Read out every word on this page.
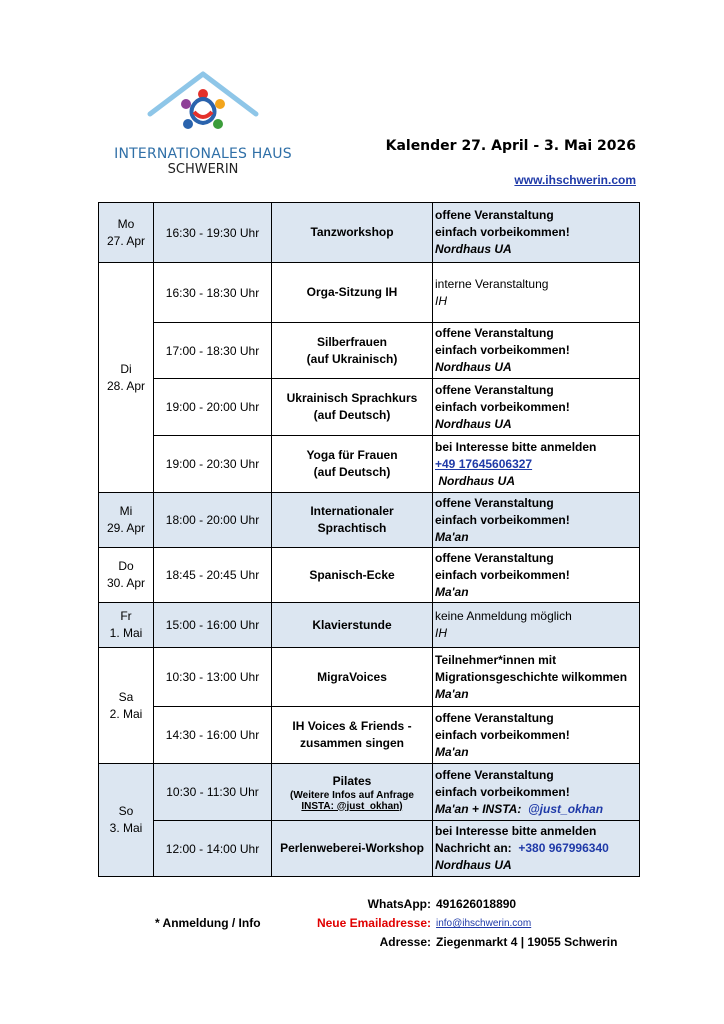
INTERNATIONALES HAUS
SCHWERIN
Kalender 27. April - 3. Mai 2026
www.ihschwerin.com
Mo
27. Apr	16:30 - 19:30 Uhr	Tanzworkshop	offene Veranstaltung
einfach vorbeikommen!
Nordhaus UA
Di
28. Apr	16:30 - 18:30 Uhr	Orga-Sitzung IH	interne Veranstaltung
IH
	17:00 - 18:30 Uhr	Silberfrauen
(auf Ukrainisch)	offene Veranstaltung
einfach vorbeikommen!
Nordhaus UA
	19:00 - 20:00 Uhr	Ukrainisch Sprachkurs
(auf Deutsch)	offene Veranstaltung
einfach vorbeikommen!
Nordhaus UA
	19:00 - 20:30 Uhr	Yoga für Frauen
(auf Deutsch)	bei Interesse bitte anmelden
+49 17645606327
Nordhaus UA
Mi
29. Apr	18:00 - 20:00 Uhr	Internationaler Sprachtisch	offene Veranstaltung
einfach vorbeikommen!
Ma'an
Do
30. Apr	18:45 - 20:45 Uhr	Spanisch-Ecke	offene Veranstaltung
einfach vorbeikommen!
Ma'an
Fr
1. Mai	15:00 - 16:00 Uhr	Klavierstunde	keine Anmeldung möglich
IH
Sa
2. Mai	10:30 - 13:00 Uhr	MigraVoices	Teilnehmer*innen mit
Migrationsgeschichte wilkommen
Ma'an
	14:30 - 16:00 Uhr	IH Voices & Friends -
zusammen singen	offene Veranstaltung
einfach vorbeikommen!
Ma'an
So
3. Mai	10:30 - 11:30 Uhr	Pilates
(Weitere Infos auf Anfrage
INSTA: @just_okhan)	offene Veranstaltung
einfach vorbeikommen!
Ma'an + INSTA: @just_okhan
	12:00 - 14:00 Uhr	Perlenweberei-Workshop	bei Interesse bitte anmelden
Nachricht an: +380 967996340
Nordhaus UA
WhatsApp: 491626018890
* Anmeldung / Info	Neue Emailadresse: info@ihschwerin.com
Adresse: Ziegenmarkt 4 | 19055 Schwerin
